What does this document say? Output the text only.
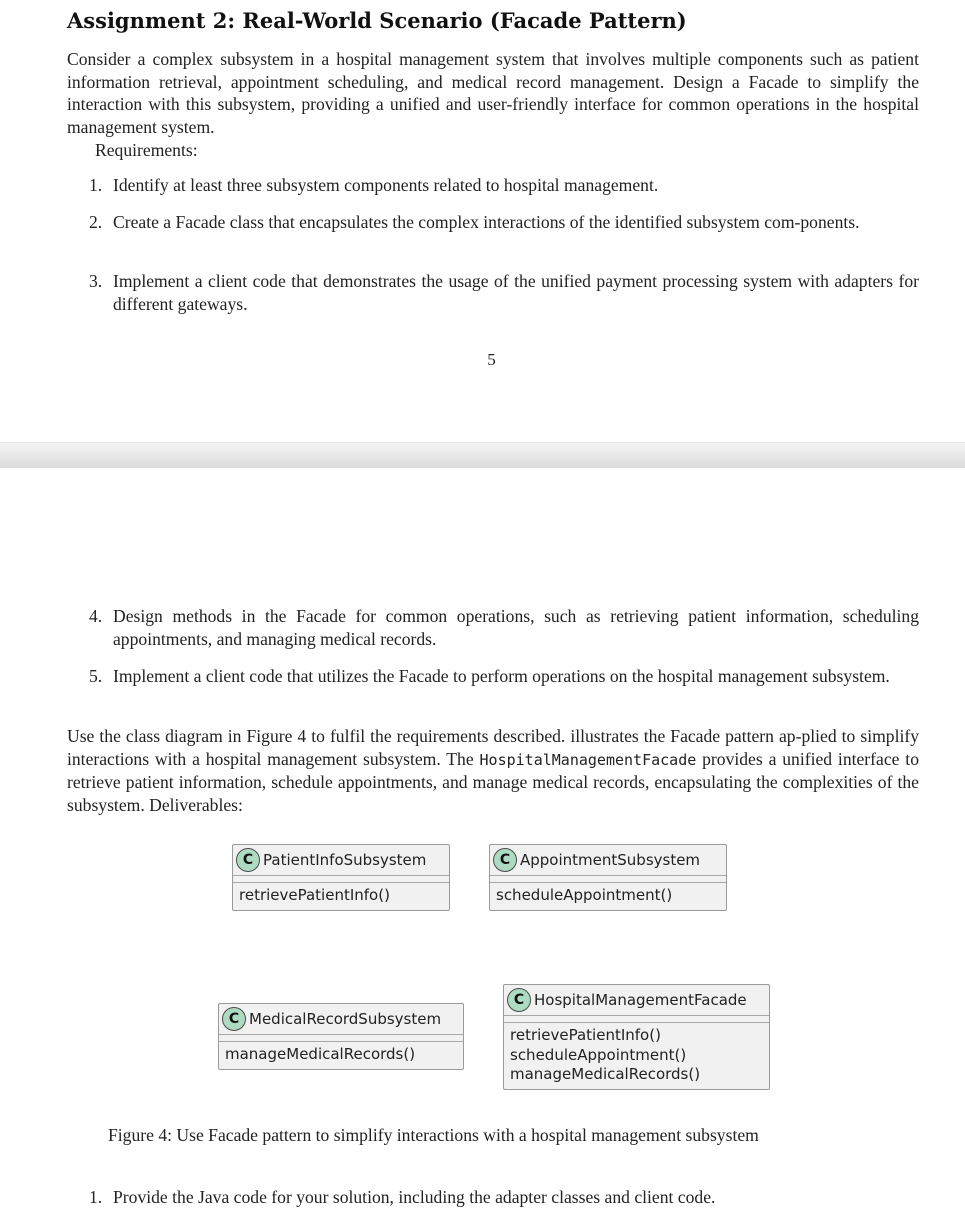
Assignment 2: Real-World Scenario (Facade Pattern)

Consider a complex subsystem in a hospital management system that involves multiple components such as patient information retrieval, appointment scheduling, and medical record management. Design a Facade to simplify the interaction with this subsystem, providing a unified and user-friendly interface for common operations in the hospital management system.

Requirements:
1. Identify at least three subsystem components related to hospital management.
2. Create a Facade class that encapsulates the complex interactions of the identified subsystem com-ponents.
3. Implement a client code that demonstrates the usage of the unified payment processing system with adapters for different gateways.
5
4. Design methods in the Facade for common operations, such as retrieving patient information, scheduling appointments, and managing medical records.
5. Implement a client code that utilizes the Facade to perform operations on the hospital management subsystem.

Use the class diagram in Figure 4 to fulfil the requirements described. illustrates the Facade pattern ap-plied to simplify interactions with a hospital management subsystem. The HospitalManagementFacade provides a unified interface to retrieve patient information, schedule appointments, and manage medical records, encapsulating the complexities of the subsystem. Deliverables:

C PatientInfoSubsystem
retrievePatientInfo()
C AppointmentSubsystem
scheduleAppointment()
C MedicalRecordSubsystem
manageMedicalRecords()
C HospitalManagementFacade
retrievePatientInfo()
scheduleAppointment()
manageMedicalRecords()
Figure 4: Use Facade pattern to simplify interactions with a hospital management subsystem
1. Provide the Java code for your solution, including the adapter classes and client code.
